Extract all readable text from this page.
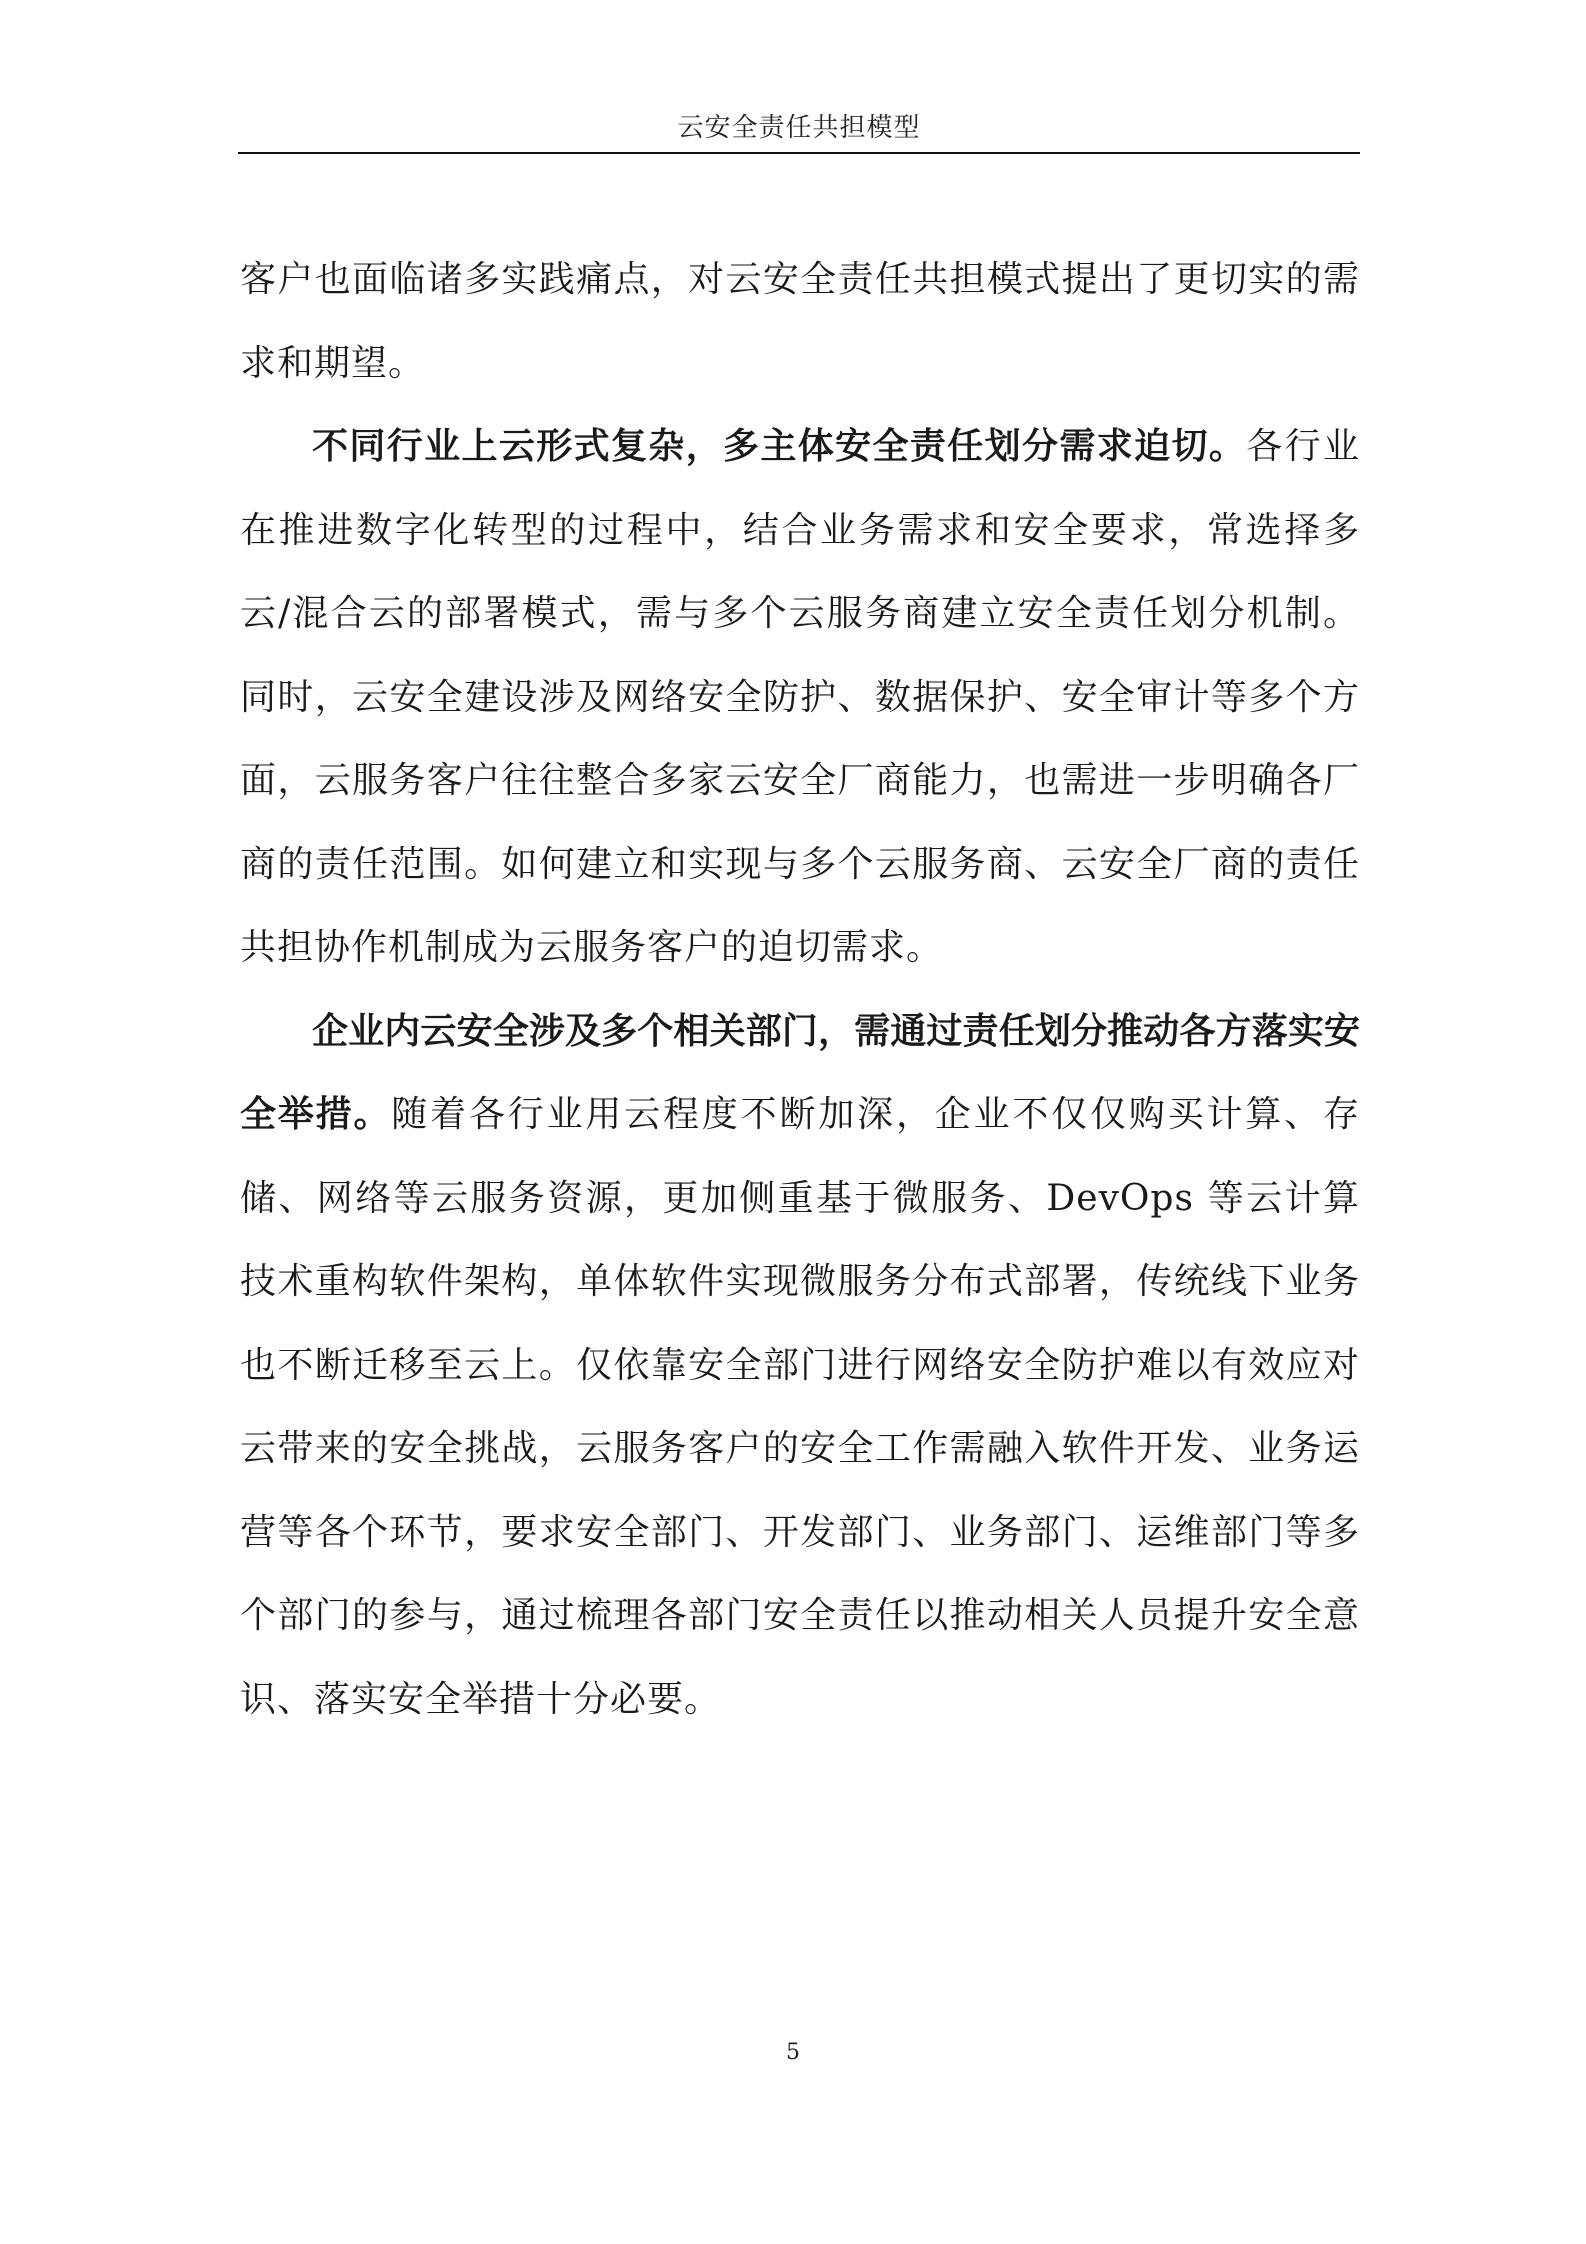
云安全责任共担模型

客户也面临诸多实践痛点，对云安全责任共担模式提出了更切实的需求和期望。

不同行业上云形式复杂，多主体安全责任划分需求迫切。各行业在推进数字化转型的过程中，结合业务需求和安全要求，常选择多云/混合云的部署模式，需与多个云服务商建立安全责任划分机制。同时，云安全建设涉及网络安全防护、数据保护、安全审计等多个方面，云服务客户往往整合多家云安全厂商能力，也需进一步明确各厂商的责任范围。如何建立和实现与多个云服务商、云安全厂商的责任共担协作机制成为云服务客户的迫切需求。

企业内云安全涉及多个相关部门，需通过责任划分推动各方落实安全举措。随着各行业用云程度不断加深，企业不仅仅购买计算、存储、网络等云服务资源，更加侧重基于微服务、DevOps 等云计算技术重构软件架构，单体软件实现微服务分布式部署，传统线下业务也不断迁移至云上。仅依靠安全部门进行网络安全防护难以有效应对云带来的安全挑战，云服务客户的安全工作需融入软件开发、业务运营等各个环节，要求安全部门、开发部门、业务部门、运维部门等多个部门的参与，通过梳理各部门安全责任以推动相关人员提升安全意识、落实安全举措十分必要。

5
